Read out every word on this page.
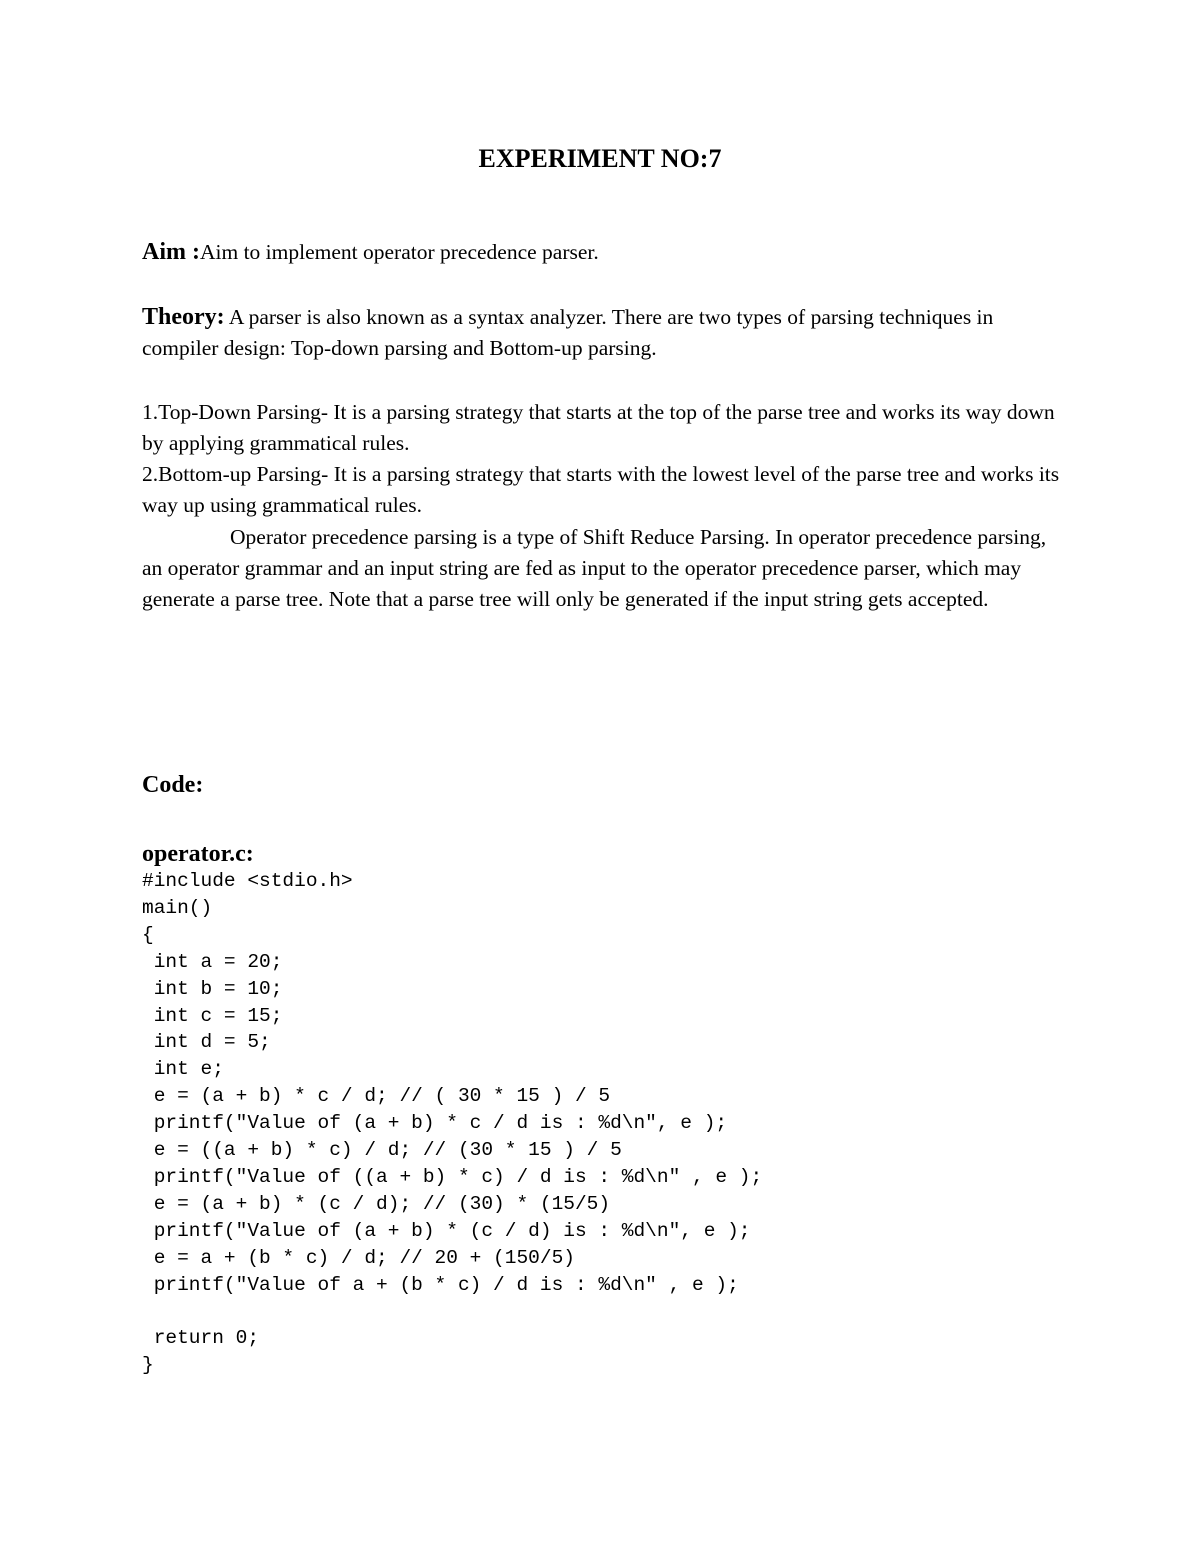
EXPERIMENT NO:7

Aim :Aim to implement operator precedence parser.

Theory: A parser is also known as a syntax analyzer. There are two types of parsing techniques in compiler design: Top-down parsing and Bottom-up parsing.

1.Top-Down Parsing- It is a parsing strategy that starts at the top of the parse tree and works its way down by applying grammatical rules.

2.Bottom-up Parsing- It is a parsing strategy that starts with the lowest level of the parse tree and works its way up using grammatical rules.

Operator precedence parsing is a type of Shift Reduce Parsing. In operator precedence parsing, an operator grammar and an input string are fed as input to the operator precedence parser, which may generate a parse tree. Note that a parse tree will only be generated if the input string gets accepted.

Code:
operator.c:
#include <stdio.h>
main()
{
int a = 20;
int b = 10;
int c = 15;
int d = 5;
int e;
e = (a + b) * c / d; // ( 30 * 15 ) / 5
printf("Value of (a + b) * c / d is : %d\n", e );
e = ((a + b) * c) / d; // (30 * 15 ) / 5
printf("Value of ((a + b) * c) / d is : %d\n" , e );
e = (a + b) * (c / d); // (30) * (15/5)
printf("Value of (a + b) * (c / d) is : %d\n", e );
e = a + (b * c) / d; // 20 + (150/5)
printf("Value of a + (b * c) / d is : %d\n" , e );

return 0;
}
